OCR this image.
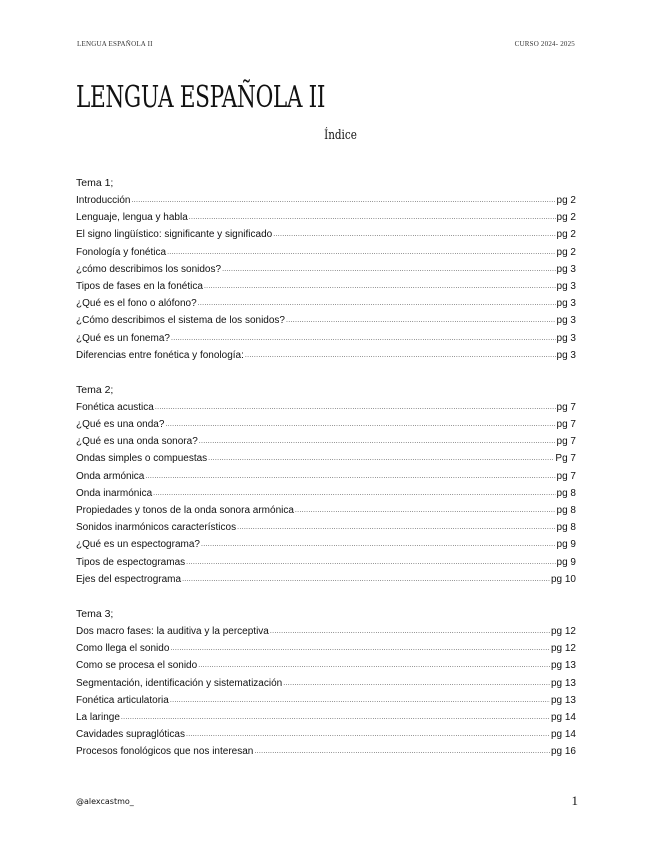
LENGUA ESPAÑOLA II	CURSO 2024- 2025
LENGUA ESPAÑOLA II
Índice
Tema 1;
Introducción .....	pg 2
Lenguaje, lengua y habla .....	pg 2
El signo lingüístico: significante y significado .....	pg 2
Fonología y fonética .....	pg 2
¿cómo describimos los sonidos? .....	pg 3
Tipos de fases en la fonética .....	pg 3
¿Qué es el fono o alófono? .....	pg 3
¿Cómo describimos el sistema de los sonidos? .....	pg 3
¿Qué es un fonema? .....	pg 3
Diferencias entre fonética y fonología: .....	pg 3
Tema 2;
Fonética acustica .....	pg 7
¿Qué es una onda? .....	pg 7
¿Qué es una onda sonora? .....	pg 7
Ondas simples o compuestas .....	Pg 7
Onda armónica .....	pg 7
Onda inarmónica .....	pg 8
Propiedades y tonos de la onda sonora armónica .....	pg 8
Sonidos inarmónicos característicos .....	pg 8
¿Qué es un espectograma? .....	pg 9
Tipos de espectogramas .....	pg 9
Ejes del espectrograma .....	pg 10
Tema 3;
Dos macro fases: la auditiva y la perceptiva .....	pg 12
Como llega el sonido .....	pg 12
Como se procesa el sonido .....	pg 13
Segmentación, identificación y sistematización .....	pg 13
Fonética articulatoria .....	pg 13
La laringe .....	pg 14
Cavidades supraglóticas .....	pg 14
Procesos fonológicos que nos interesan .....	pg 16
@alexcastmo_	1
